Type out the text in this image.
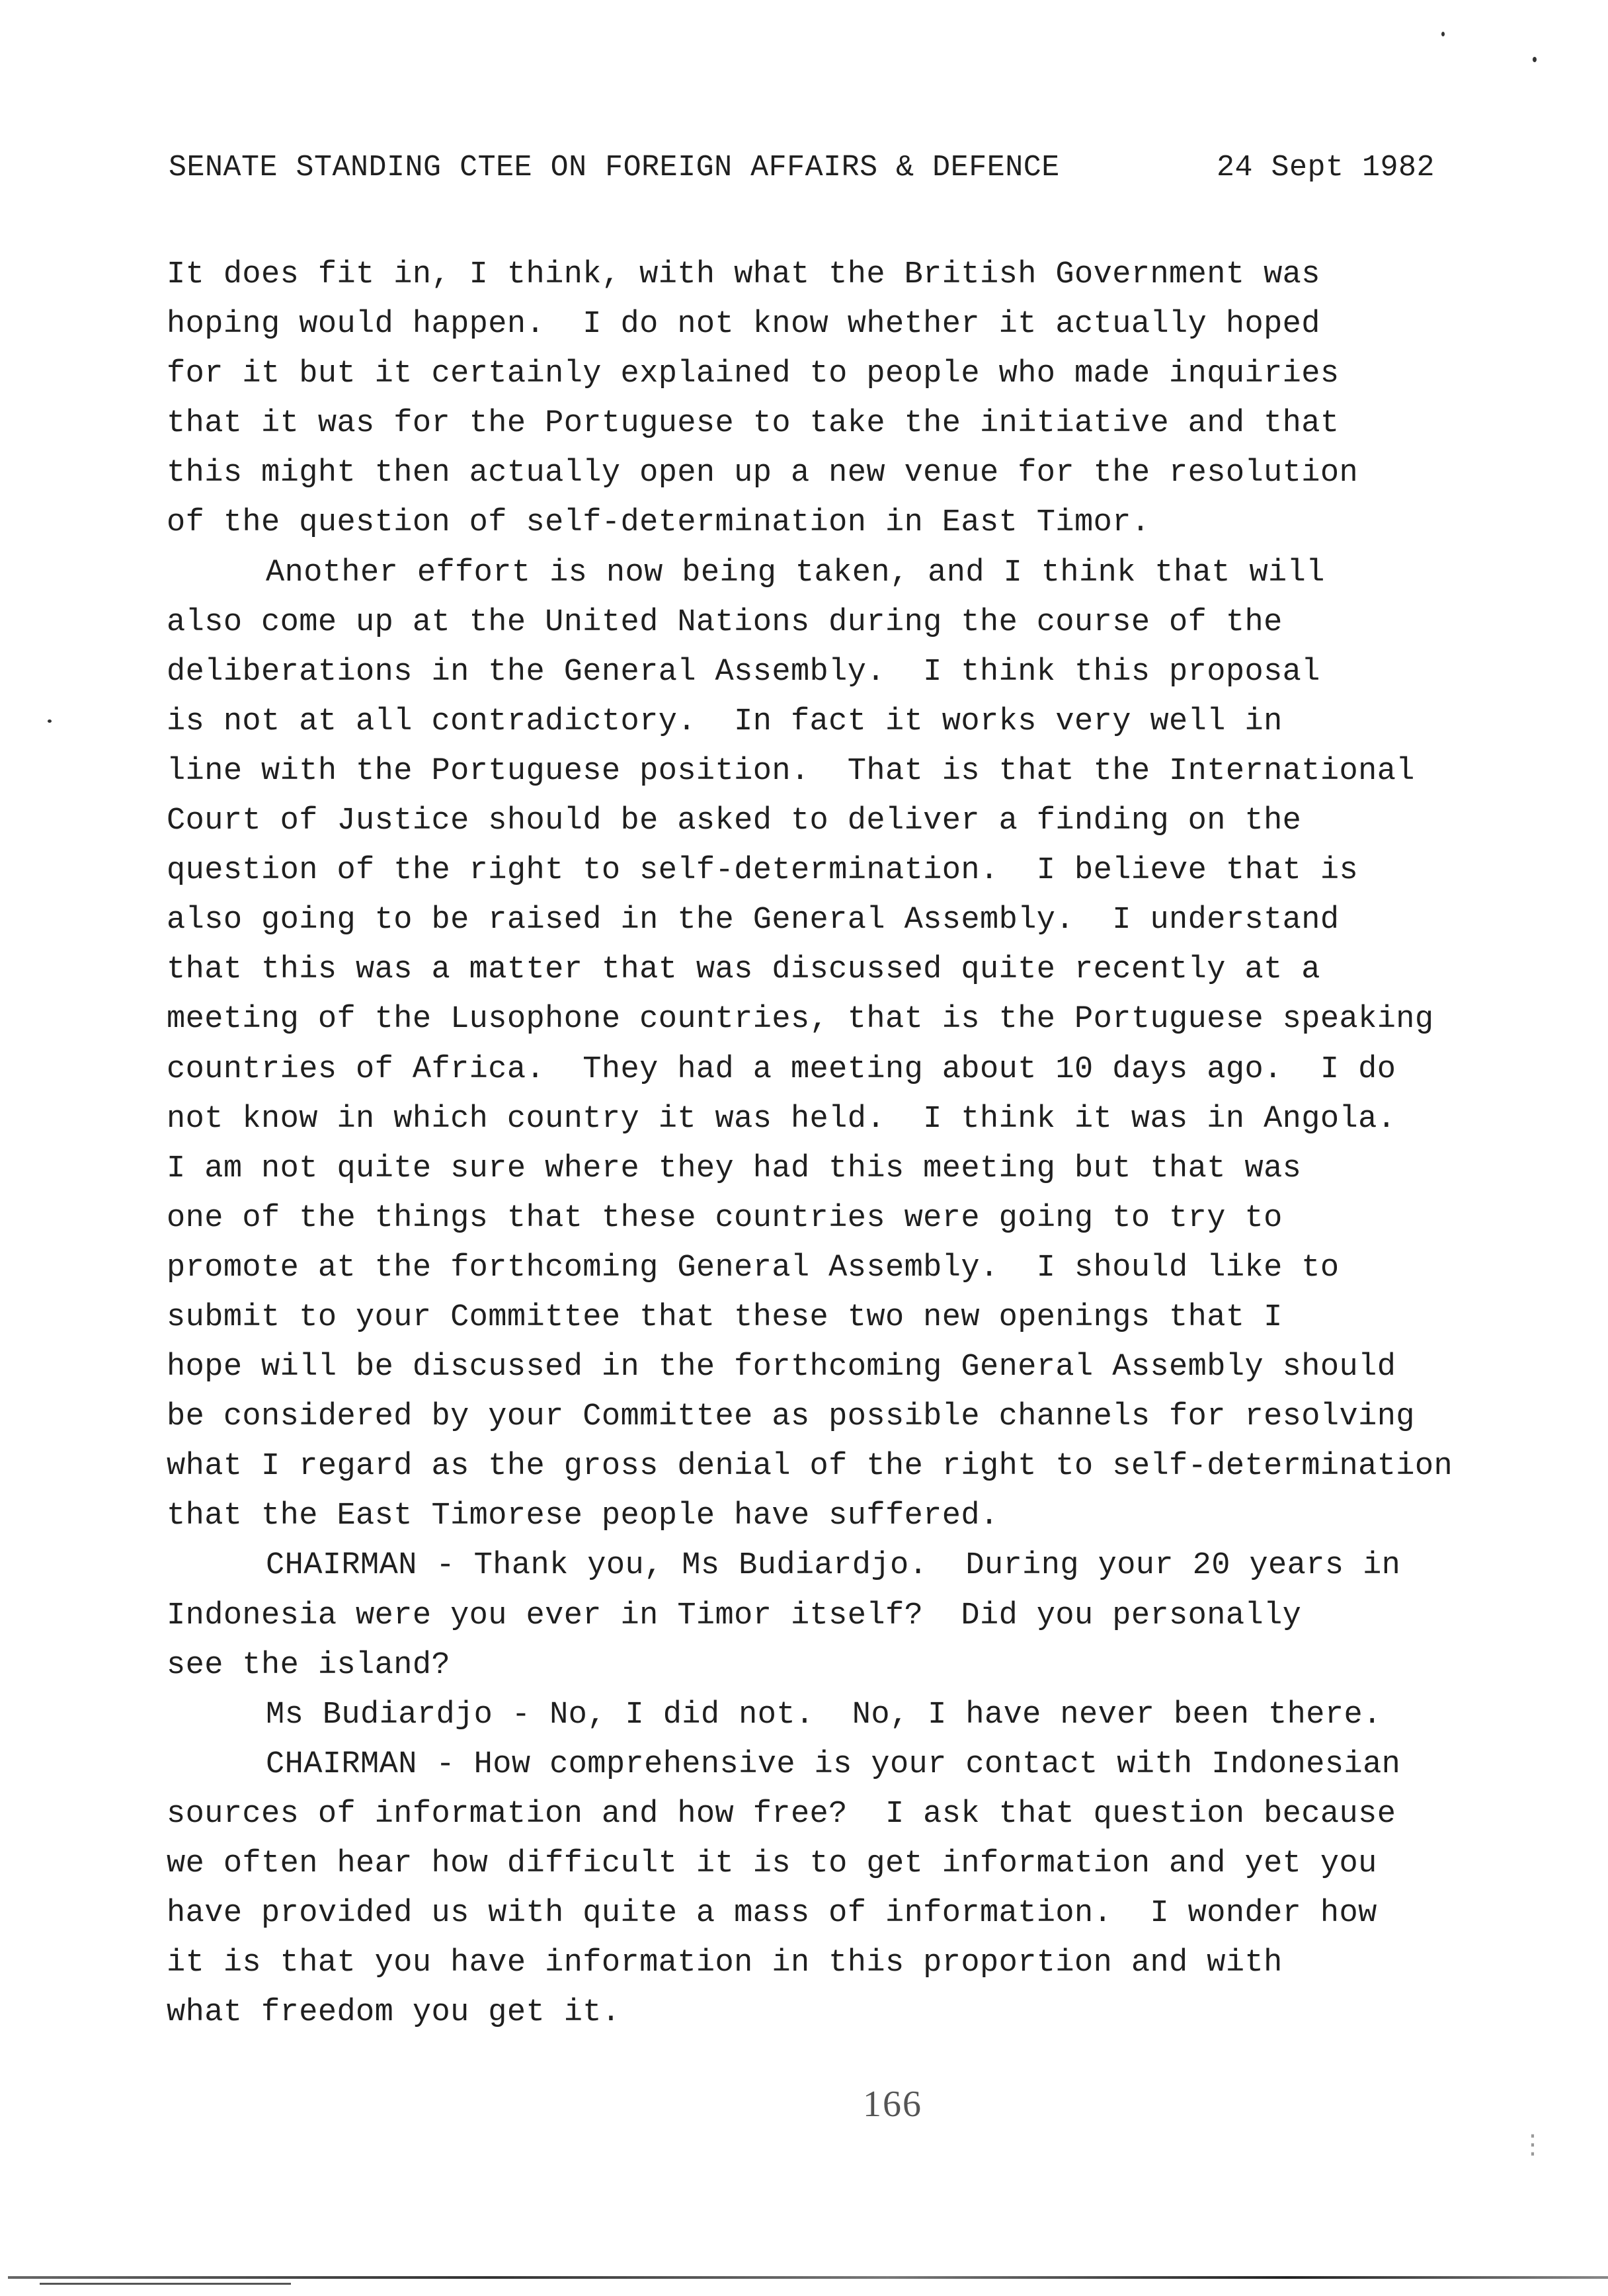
SENATE STANDING CTEE ON FOREIGN AFFAIRS & DEFENCE	24 Sept 1982
It does fit in, I think, with what the British Government was
hoping would happen.  I do not know whether it actually hoped
for it but it certainly explained to people who made inquiries
that it was for the Portuguese to take the initiative and that
this might then actually open up a new venue for the resolution
of the question of self-determination in East Timor.
Another effort is now being taken, and I think that will
also come up at the United Nations during the course of the
deliberations in the General Assembly.  I think this proposal
is not at all contradictory.  In fact it works very well in
line with the Portuguese position.  That is that the International
Court of Justice should be asked to deliver a finding on the
question of the right to self-determination.  I believe that is
also going to be raised in the General Assembly.  I understand
that this was a matter that was discussed quite recently at a
meeting of the Lusophone countries, that is the Portuguese speaking
countries of Africa.  They had a meeting about 10 days ago.  I do
not know in which country it was held.  I think it was in Angola.
I am not quite sure where they had this meeting but that was
one of the things that these countries were going to try to
promote at the forthcoming General Assembly.  I should like to
submit to your Committee that these two new openings that I
hope will be discussed in the forthcoming General Assembly should
be considered by your Committee as possible channels for resolving
what I regard as the gross denial of the right to self-determination
that the East Timorese people have suffered.
CHAIRMAN - Thank you, Ms Budiardjo.  During your 20 years in
Indonesia were you ever in Timor itself?  Did you personally
see the island?
Ms Budiardjo - No, I did not.  No, I have never been there.
CHAIRMAN - How comprehensive is your contact with Indonesian
sources of information and how free?  I ask that question because
we often hear how difficult it is to get information and yet you
have provided us with quite a mass of information.  I wonder how
it is that you have information in this proportion and with
what freedom you get it.
166
⋮
